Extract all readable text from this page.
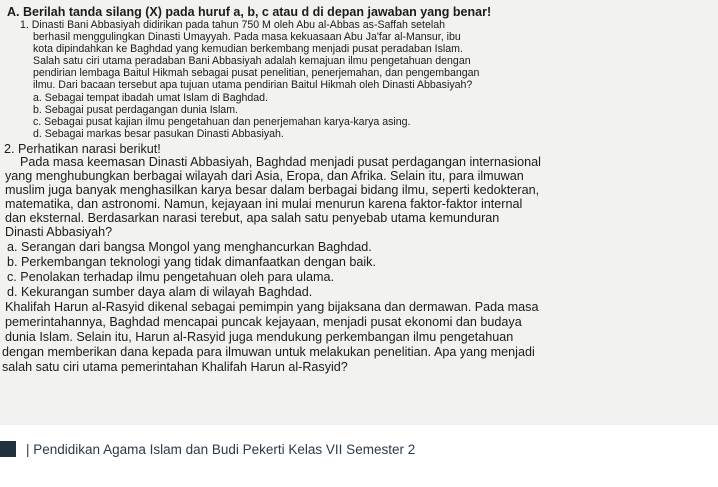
A. Berilah tanda silang (X) pada huruf a, b, c atau d di depan jawaban yang benar!
1. Dinasti Bani Abbasiyah didirikan pada tahun 750 M oleh Abu al-Abbas as-Saffah setelah
berhasil menggulingkan Dinasti Umayyah. Pada masa kekuasaan Abu Ja'far al-Mansur, ibu
kota dipindahkan ke Baghdad yang kemudian berkembang menjadi pusat peradaban Islam.
Salah satu ciri utama peradaban Bani Abbasiyah adalah kemajuan ilmu pengetahuan dengan
pendirian lembaga Baitul Hikmah sebagai pusat penelitian, penerjemahan, dan pengembangan
ilmu. Dari bacaan tersebut apa tujuan utama pendirian Baitul Hikmah oleh Dinasti Abbasiyah?
a. Sebagai tempat ibadah umat Islam di Baghdad.
b. Sebagai pusat perdagangan dunia Islam.
c. Sebagai pusat kajian ilmu pengetahuan dan penerjemahan karya-karya asing.
d. Sebagai markas besar pasukan Dinasti Abbasiyah.
2. Perhatikan narasi berikut!
Pada masa keemasan Dinasti Abbasiyah, Baghdad menjadi pusat perdagangan internasional
yang menghubungkan berbagai wilayah dari Asia, Eropa, dan Afrika. Selain itu, para ilmuwan
muslim juga banyak menghasilkan karya besar dalam berbagai bidang ilmu, seperti kedokteran,
matematika, dan astronomi. Namun, kejayaan ini mulai menurun karena faktor-faktor internal
dan eksternal. Berdasarkan narasi terebut, apa salah satu penyebab utama kemunduran
Dinasti Abbasiyah?
a. Serangan dari bangsa Mongol yang menghancurkan Baghdad.
b. Perkembangan teknologi yang tidak dimanfaatkan dengan baik.
c. Penolakan terhadap ilmu pengetahuan oleh para ulama.
d. Kekurangan sumber daya alam di wilayah Baghdad.
Khalifah Harun al-Rasyid dikenal sebagai pemimpin yang bijaksana dan dermawan. Pada masa
pemerintahannya, Baghdad mencapai puncak kejayaan, menjadi pusat ekonomi dan budaya
dunia Islam. Selain itu, Harun al-Rasyid juga mendukung perkembangan ilmu pengetahuan
dengan memberikan dana kepada para ilmuwan untuk melakukan penelitian. Apa yang menjadi
salah satu ciri utama pemerintahan Khalifah Harun al-Rasyid?
| Pendidikan Agama Islam dan Budi Pekerti Kelas VII Semester 2
